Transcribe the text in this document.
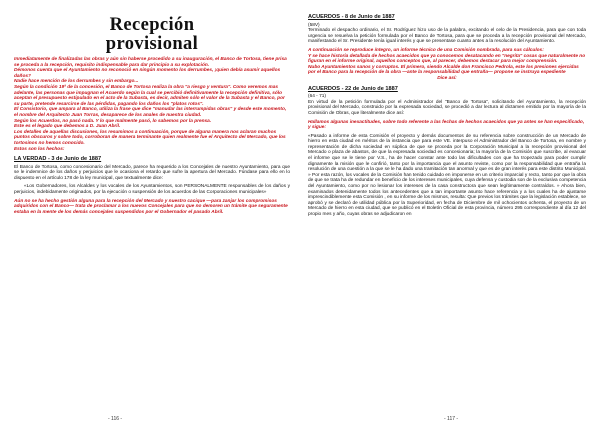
Recepción
provisional

Inmediatamente de finalizadas las obras y aún sin haberse procedido a su inauguración, el Banco de Tortosa, tiene prisa se proceda a la recepción, requisito indispensable para dar principio a su explotación.

Démonos cuenta que el Ayuntamiento no reconoció en ningún momento los derrumbes, ¡quien debía asumir aquellos daños?

Nadie hace mención de los derrumbes y sin embargo...

Según la condición 19ª de la concesión, el Banco de Tortosa realiza la obra "a riesgo y ventura". Como veremos mas adelante, las personas que impugnan el Acuerdo según la cual se percibió definitivamente la recepción definitiva, sólo aceptan el presupuesto estipulado en el acto de la Subasta, es decir, admiten sólo el valor de la Subasta y el Banco, por su parte, pretende resarcirse de las pérdidas, pagando los daños los "platos rotos".

El Consistorio, que ampara al Banco, utiliza la frase que dice "manudar las interrumpidas obras" y desde este momento, el nombre del Arquitecto Juan Torras, desaparece de los anales de nuestra ciudad.

Según los Acuerdos, no pasó nada. Y lo que malmente pasó, lo sabemos por la prensa.

Este es el legado que debemos a D. Juan Abril.

Los detalles de aquellas discusiones, los resumimos a continuación, porque de alguna manera nos aclaran muchos puntos obscuros y sobre todo, corroboran de manera terminante quien realmente fue el Arquitecto del Mercado, que los tortosinos no hemos conocido.

Estos son los hechos:

LA VERDAD - 3 de Junio de 1887

El Banco de Tortosa, como concesionario del Mercado, parece ha requerido a los Concejales de nuestro Ayuntamiento, para que se le indemnice de los daños y perjuicios que le ocasiona el retardo que sufre la apertura del Mercado. Fúndase para ello en lo dispuesto en el artículo 178 de la ley municipal, que textualmente dice:

«Los Gobernadores, los Alcaldes y los vocales de los Ayuntamientos, son PERSONALMENTE responsables de los daños y perjuicios, indebidamente originados, por la ejecución o suspensión de los acuerdos de las Corporaciones municipales»

Aún no se ha hecho gestión alguna para la recepción del Mercado y nuestro cacique —para zanjar los compromisos adquiridos con el Banco— trata de proclamar a los nuevos Concejales para que no demoren un trámite que seguramente estaba en la mente de los demás concejales suspendidos por el Gobernador el pasado Abril.

- 116 -
ACUERDOS - 8 de Junio de 1887
(58V)

Terminado el despacho ordinario, el Sr. Rodríguez hizo uso de la palabra, excitando el celo de la Presidencia, para que con toda urgencia se resuelva la petición formulada por el Banco de Tortosa, para que se proceda a la recepción provisional del Mercado, manifestando el Sr. Presidente tenía igual interés y que se presentase cuanto antes a la resolución del Ayuntamiento.

A continuación se reproduce íntegro, un informe técnico de una Comisión nombrada, para sus cálculos:

Y se hace historia detallada de hechos acaecidos que ya conocemos desatacando en "negrita" cosas que naturalmente no figuran en el informe original, aquellos conceptos que, al parecer, debemos destacar para mejor comprensión.

Nubo Ayuntamientos sanos y corruptos. El primero, siendo Alcalde don Francisco Pedrola, este los presiones ejercidas por el Banco para la recepción de la obra —ante la responsabilidad que entraña— propone se instruya expediente

Dice así:

ACUERDOS - 22 de Junio de 1887
(64 - 71)

En virtud de la petición formulada por el Administrador del "Banco de Tortosa", solicitando del Ayuntamiento, la recepción provisional del Mercado, construido por la expresada sociedad, se procedió a dar lectura al dictamen emitido por la mayoría de la Comisión de Obras, que literalmente dice así:

Hallamos algunas inexactitudes, sobre todo referente a las fechas de hechos acaecidos que ya antes se han especificado, y sigue:

«Pasado a informe de esta Comisión el proyecto y demás documentos de su referencia sobre construcción de un Mercado de hierro en esta ciudad en méritos de la instancia que para este VE. interpuso el Administrador del Banco de Tortosa, en nombre y representación de dicha sociedad en súplica de que se proceda por la Corporación Municipal a la recepción provisional del Mercado o plaza de abastos, de que la expresada sociedad es concesionaria; la mayoría de la Comisión que suscribe, al evacuar el informe que se le tiene por V.S., ha de hacer constar ante todo las dificultades con que ha tropezado para poder cumplir dignamente la misión que le confirió, tanto por la importancia que el asunto reviste, como por la responsabilidad que entraña la resolución de una cuestión a la que se le ha dado una tramitación tan anormal y que es de gran interés para este distrito Municipal. » Por esta razón, los vocales de la Comisión han tenido cuidado en imponerse en un criterio imparcial y recto, tanto por que la obra de que se trata ha de redundar en beneficio de los intereses municipales, cuya defensa y custodia son de la exclusiva competencia del Ayuntamiento, como por no lesionar los intereses de la casa constructora que sean legítimamente contraídos. » Ahora bien, examinados detenidamente todos los antecedentes que a tan importante asunto hace referencia y a los cuales ha de ajustarse imprescindiblemente esta Comisión , en su informe de los mismos, resulta: Que previos los trámites que la legislación establece, se aprobó y se declaró de utilidad pública por la Superioridad, en fecha de Diciembre de mil ochocientos ochenta, el proyecto de un Mercado de hierro en esta ciudad, que se publicó en el Boletín Oficial de esta provincia, número 295 correspondiente al día 12 del propio mes y año, cuyas obras se adjudicaron en

- 117 -
